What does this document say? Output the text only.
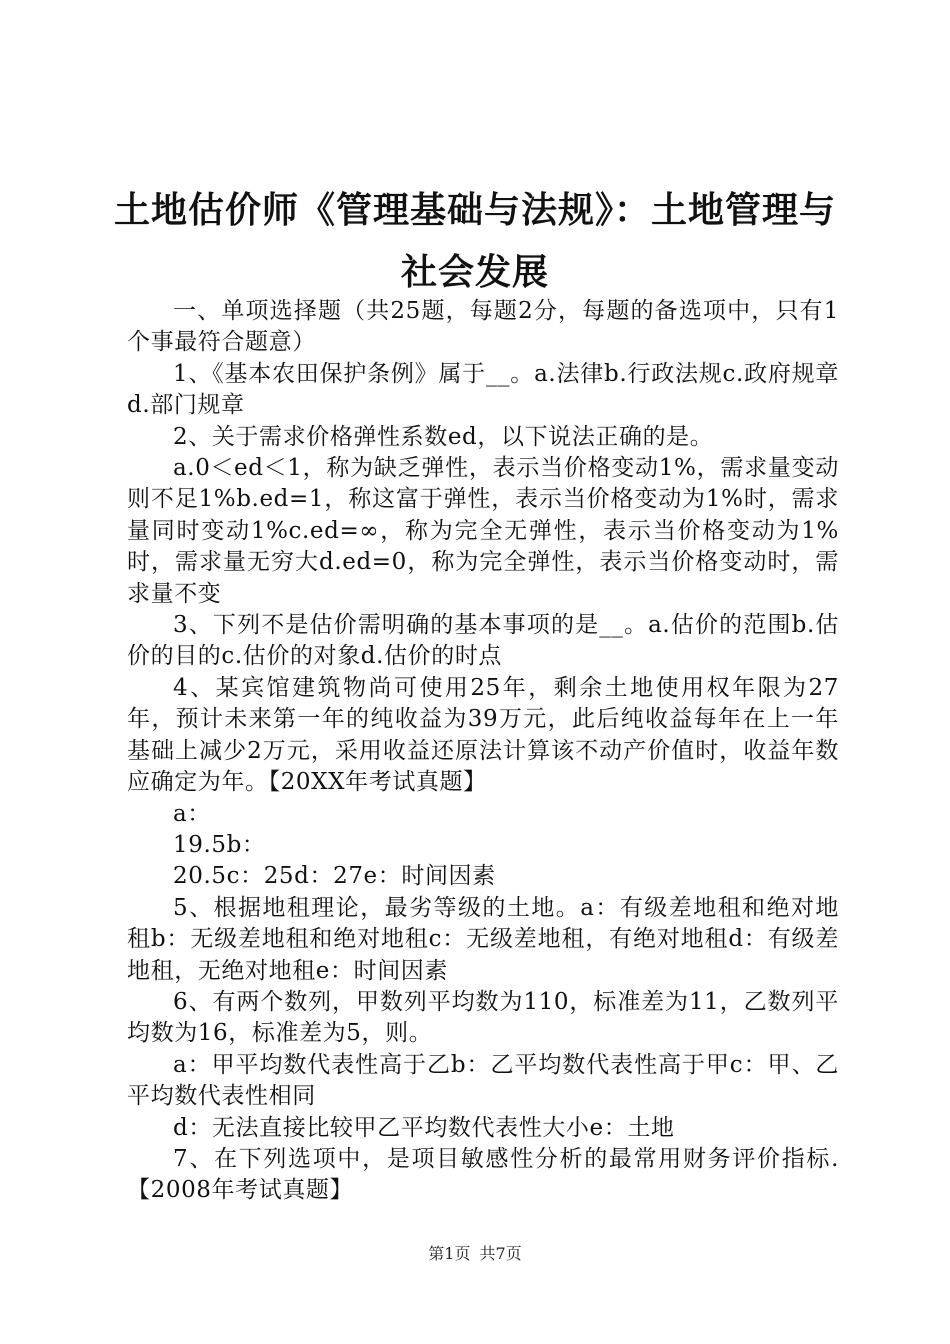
土地估价师《管理基础与法规》：土地管理与
社会发展

一、单项选择题（共25题，每题2分，每题的备选项中，只有1个事最符合题意）

1、《基本农田保护条例》属于__。a.法律b.行政法规c.政府规章d.部门规章

2、关于需求价格弹性系数ed，以下说法正确的是。

a.0＜ed＜1，称为缺乏弹性，表示当价格变动1%，需求量变动则不足1%b.ed=1，称这富于弹性，表示当价格变动为1%时，需求量同时变动1%c.ed=∞，称为完全无弹性，表示当价格变动为1%时，需求量无穷大d.ed=0，称为完全弹性，表示当价格变动时，需求量不变

3、下列不是估价需明确的基本事项的是__。a.估价的范围b.估价的目的c.估价的对象d.估价的时点

4、某宾馆建筑物尚可使用25年，剩余土地使用权年限为27年，预计未来第一年的纯收益为39万元，此后纯收益每年在上一年基础上减少2万元，采用收益还原法计算该不动产价值时，收益年数应确定为年。【20XX年考试真题】

a：

19.5b：

20.5c：25d：27e：时间因素

5、根据地租理论，最劣等级的土地。a：有级差地租和绝对地租b：无级差地租和绝对地租c：无级差地租，有绝对地租d：有级差地租，无绝对地租e：时间因素

6、有两个数列，甲数列平均数为110，标准差为11，乙数列平均数为16，标准差为5，则。

a：甲平均数代表性高于乙b：乙平均数代表性高于甲c：甲、乙平均数代表性相同

d：无法直接比较甲乙平均数代表性大小e：土地

7、在下列选项中，是项目敏感性分析的最常用财务评价指标.【2008年考试真题】

第1页 共7页
